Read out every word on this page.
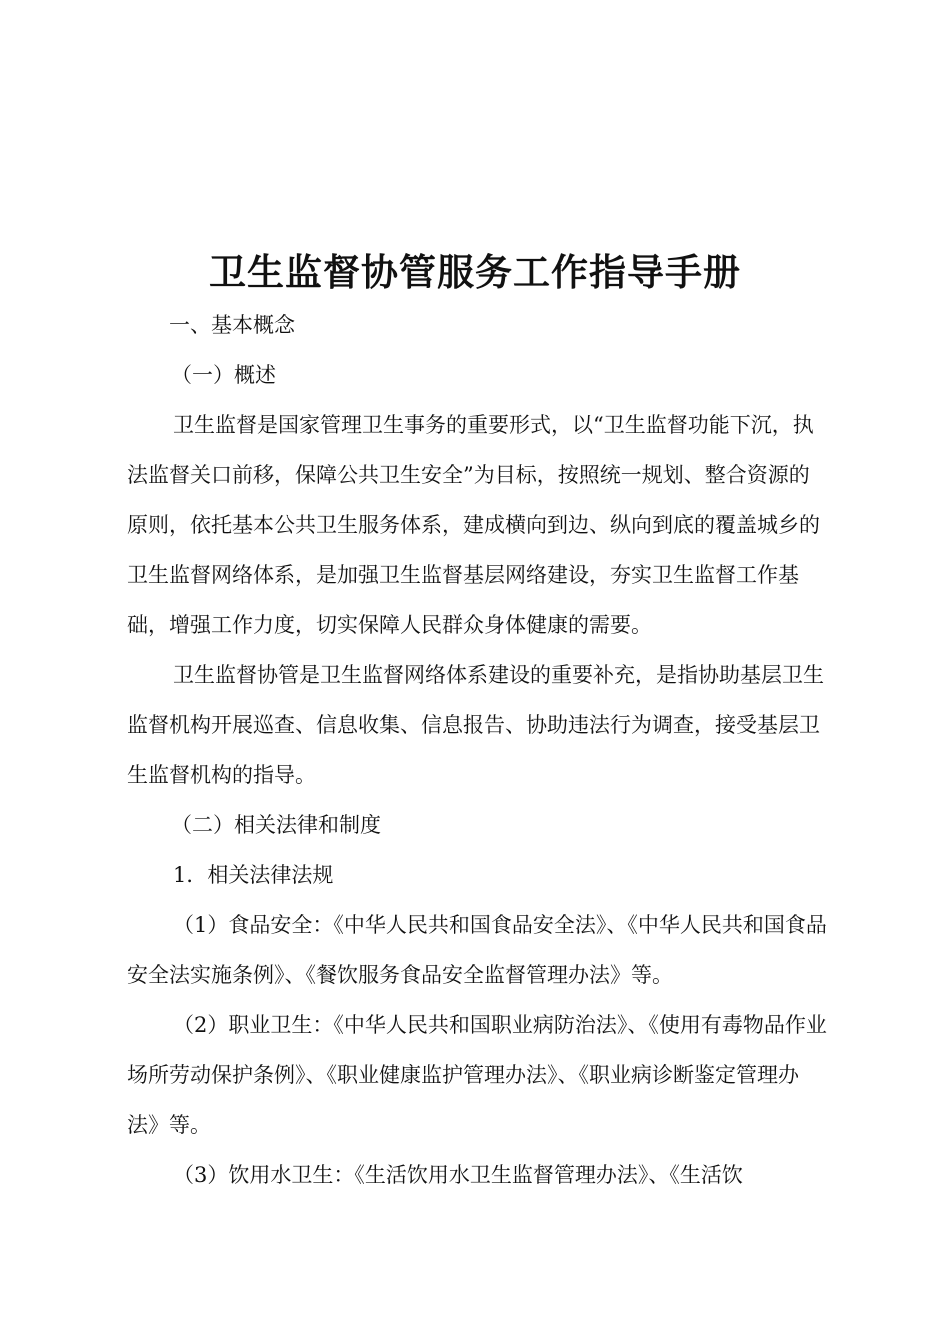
卫生监督协管服务工作指导手册

一、基本概念

（一）概述

卫生监督是国家管理卫生事务的重要形式，以“卫生监督功能下沉，执法监督关口前移，保障公共卫生安全”为目标，按照统一规划、整合资源的原则，依托基本公共卫生服务体系，建成横向到边、纵向到底的覆盖城乡的卫生监督网络体系，是加强卫生监督基层网络建设，夯实卫生监督工作基础，增强工作力度，切实保障人民群众身体健康的需要。

卫生监督协管是卫生监督网络体系建设的重要补充，是指协助基层卫生监督机构开展巡查、信息收集、信息报告、协助违法行为调查，接受基层卫生监督机构的指导。

（二）相关法律和制度

1．相关法律法规

（1）食品安全：《中华人民共和国食品安全法》、《中华人民共和国食品安全法实施条例》、《餐饮服务食品安全监督管理办法》等。

（2）职业卫生：《中华人民共和国职业病防治法》、《使用有毒物品作业场所劳动保护条例》、《职业健康监护管理办法》、《职业病诊断鉴定管理办法》等。

（3）饮用水卫生：《生活饮用水卫生监督管理办法》、《生活饮
